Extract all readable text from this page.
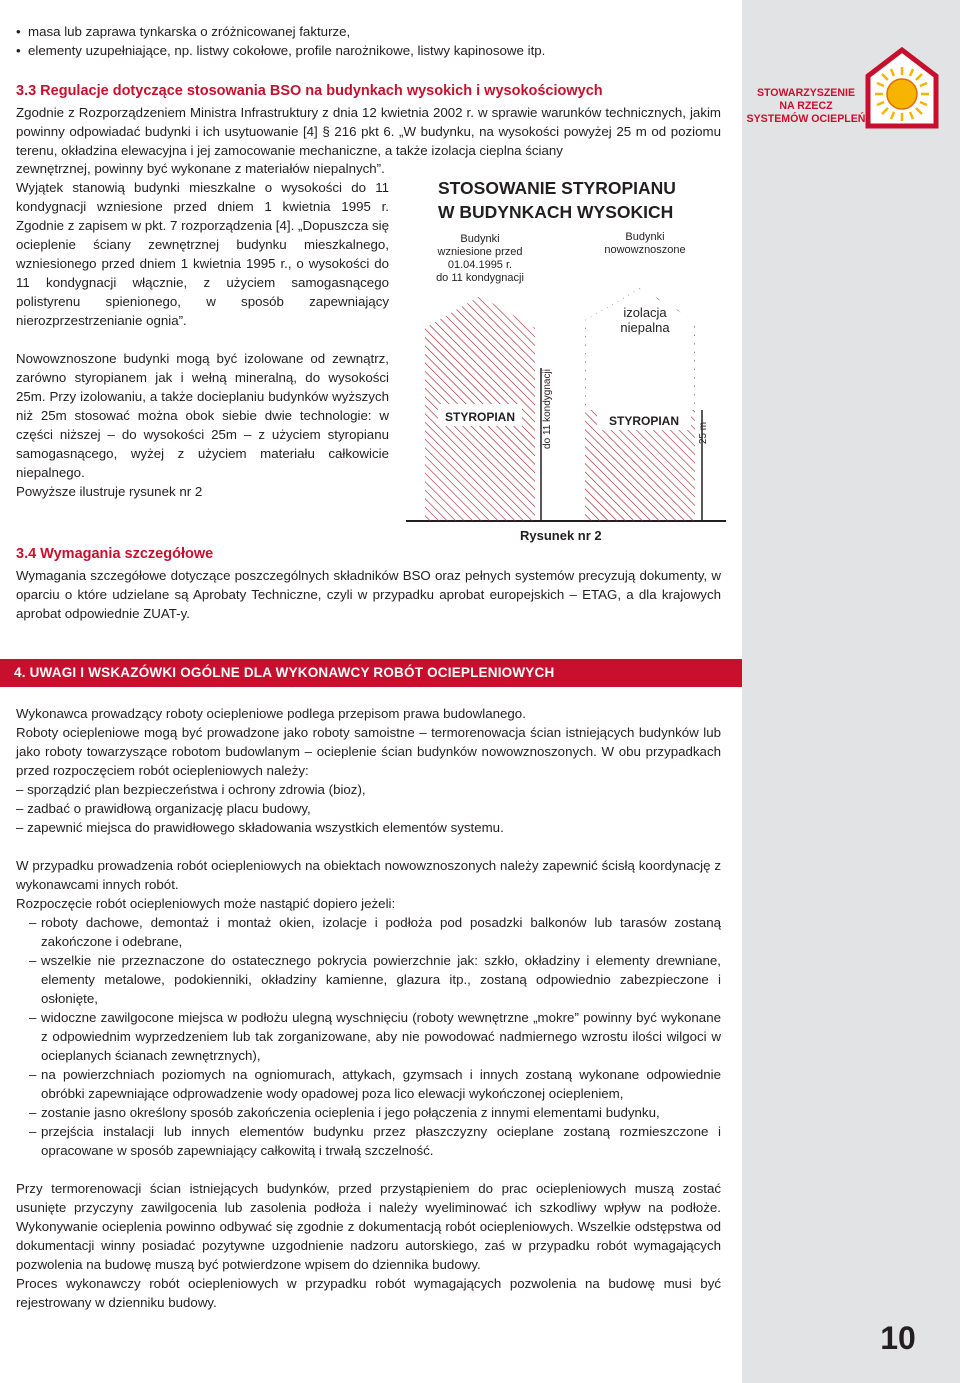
STOWARZYSZENIE
NA RZECZ
SYSTEMÓW OCIEPLEŃ
10
• masa lub zaprawa tynkarska o zróżnicowanej fakturze,
• elementy uzupełniające, np. listwy cokołowe, profile narożnikowe, listwy kapinosowe itp.

3.3 Regulacje dotyczące stosowania BSO na budynkach wysokich i wysokościowych

Zgodnie z Rozporządzeniem Ministra Infrastruktury z dnia 12 kwietnia 2002 r. w sprawie warunków technicznych, jakim powinny odpowiadać budynki i ich usytuowanie [4] § 216 pkt 6. „W budynku, na wysokości powyżej 25 m od poziomu terenu, okładzina elewacyjna i jej zamocowanie mechaniczne, a także izolacja cieplna ściany

zewnętrznej, powinny być wykonane z materiałów niepalnych”.

Wyjątek stanowią budynki mieszkalne o wysokości do 11 kondygnacji wzniesione przed dniem 1 kwietnia 1995 r. Zgodnie z zapisem w pkt. 7 rozporządzenia [4]. „Dopuszcza się ocieplenie ściany zewnętrznej budynku mieszkalnego, wzniesionego przed dniem 1 kwietnia 1995 r., o wysokości do 11 kondygnacji włącznie, z użyciem samogasnącego polistyrenu spienionego, w sposób zapewniający nierozprzestrzenianie ognia”.

Nowowznoszone budynki mogą być izolowane od zewnątrz, zarówno styropianem jak i wełną mineralną, do wysokości 25m. Przy izolowaniu, a także docieplaniu budynków wyższych niż 25m stosować można obok siebie dwie technologie: w części niższej – do wysokości 25m – z użyciem styropianu samogasnącego, wyżej z użyciem materiału całkowicie niepalnego.

Powyższe ilustruje rysunek nr 2

STOSOWANIE STYROPIANU
W BUDYNKACH WYSOKICH
Budynki
wzniesione przed
01.04.1995 r.
do 11 kondygnacji
Budynki
nowowznoszone
izolacja
niepalna
STYROPIAN	STYROPIAN
do 11 kondygnacji	25 m
Rysunek nr 2

3.4 Wymagania szczegółowe

Wymagania szczegółowe dotyczące poszczególnych składników BSO oraz pełnych systemów precyzują dokumenty, w oparciu o które udzielane są Aprobaty Techniczne, czyli w przypadku aprobat europejskich – ETAG, a dla krajowych aprobat odpowiednie ZUAT-y.

4. UWAGI I WSKAZÓWKI OGÓLNE DLA WYKONAWCY ROBÓT OCIEPLENIOWYCH

Wykonawca prowadzący roboty ociepleniowe podlega przepisom prawa budowlanego.

Roboty ociepleniowe mogą być prowadzone jako roboty samoistne – termorenowacja ścian istniejących budynków lub jako roboty towarzyszące robotom budowlanym – ocieplenie ścian budynków nowowznoszonych. W obu przypadkach przed rozpoczęciem robót ociepleniowych należy:

– sporządzić plan bezpieczeństwa i ochrony zdrowia (bioz),

– zadbać o prawidłową organizację placu budowy,

– zapewnić miejsca do prawidłowego składowania wszystkich elementów systemu.

W przypadku prowadzenia robót ociepleniowych na obiektach nowowznoszonych należy zapewnić ścisłą koordynację z wykonawcami innych robót.

Rozpoczęcie robót ociepleniowych może nastąpić dopiero jeżeli:

– roboty dachowe, demontaż i montaż okien, izolacje i podłoża pod posadzki balkonów lub tarasów zostaną zakończone i odebrane,
– wszelkie nie przeznaczone do ostatecznego pokrycia powierzchnie jak: szkło, okładziny i elementy drewniane, elementy metalowe, podokienniki, okładziny kamienne, glazura itp., zostaną odpowiednio zabezpieczone i osłonięte,
– widoczne zawilgocone miejsca w podłożu ulegną wyschnięciu (roboty wewnętrzne „mokre” powinny być wykonane z odpowiednim wyprzedzeniem lub tak zorganizowane, aby nie powodować nadmiernego wzrostu ilości wilgoci w ocieplanych ścianach zewnętrznych),
– na powierzchniach poziomych na ogniomurach, attykach, gzymsach i innych zostaną wykonane odpowiednie obróbki zapewniające odprowadzenie wody opadowej poza lico elewacji wykończonej ociepleniem,
– zostanie jasno określony sposób zakończenia ocieplenia i jego połączenia z innymi elementami budynku,
– przejścia instalacji lub innych elementów budynku przez płaszczyzny ocieplane zostaną rozmieszczone i opracowane w sposób zapewniający całkowitą i trwałą szczelność.

Przy termorenowacji ścian istniejących budynków, przed przystąpieniem do prac ociepleniowych muszą zostać usunięte przyczyny zawilgocenia lub zasolenia podłoża i należy wyeliminować ich szkodliwy wpływ na podłoże. Wykonywanie ocieplenia powinno odbywać się zgodnie z dokumentacją robót ociepleniowych. Wszelkie odstępstwa od dokumentacji winny posiadać pozytywne uzgodnienie nadzoru autorskiego, zaś w przypadku robót wymagających pozwolenia na budowę muszą być potwierdzone wpisem do dziennika budowy.

Proces wykonawczy robót ociepleniowych w przypadku robót wymagających pozwolenia na budowę musi być rejestrowany w dzienniku budowy.
